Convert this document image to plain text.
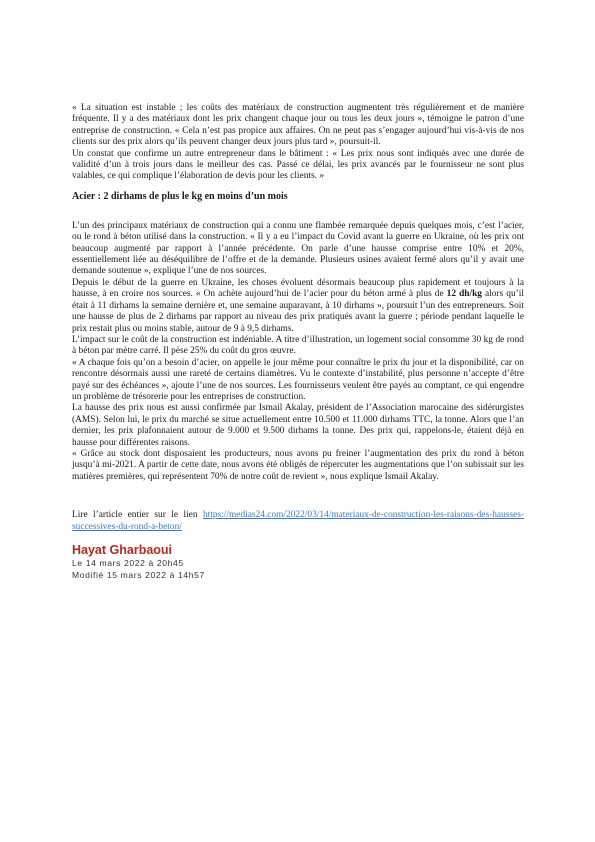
« La situation est instable ; les coûts des matériaux de construction augmentent très régulièrement et de manière fréquente. Il y a des matériaux dont les prix changent chaque jour ou tous les deux jours », témoigne le patron d’une entreprise de construction. « Cela n’est pas propice aux affaires. On ne peut pas s’engager aujourd’hui vis-à-vis de nos clients sur des prix alors qu’ils peuvent changer deux jours plus tard », poursuit-il.

Un constat que confirme un autre entrepreneur dans le bâtiment : « Les prix nous sont indiqués avec une durée de validité d’un à trois jours dans le meilleur des cas. Passé ce délai, les prix avancés par le fournisseur ne sont plus valables, ce qui complique l’élaboration de devis pour les clients. »

Acier : 2 dirhams de plus le kg en moins d’un mois

L’un des principaux matériaux de construction qui a connu une flambée remarquée depuis quelques mois, c’est l’acier, ou le rond à béton utilisé dans la construction. « Il y a eu l’impact du Covid avant la guerre en Ukraine, où les prix ont beaucoup augmenté par rapport à l’année précédente. On parle d’une hausse comprise entre 10% et 20%, essentiellement liée au déséquilibre de l’offre et de la demande. Plusieurs usines avaient fermé alors qu’il y avait une demande soutenue », explique l’une de nos sources.

Depuis le début de la guerre en Ukraine, les choses évoluent désormais beaucoup plus rapidement et toujours à la hausse, à en croire nos sources. « On achète aujourd’hui de l’acier pour du béton armé à plus de 12 dh/kg alors qu’il était à 11 dirhams la semaine dernière et, une semaine auparavant, à 10 dirhams », poursuit l’un des entrepreneurs. Soit une hausse de plus de 2 dirhams par rapport au niveau des prix pratiqués avant la guerre ; période pendant laquelle le prix restait plus ou moins stable, autour de 9 à 9,5 dirhams.

L’impact sur le coût de la construction est indéniable. A titre d’illustration, un logement social consomme 30 kg de rond à béton par mètre carré. Il pèse 25% du coût du gros œuvre.

« A chaque fois qu’on a besoin d’acier, on appelle le jour même pour connaître le prix du jour et la disponibilité, car on rencontre désormais aussi une rareté de certains diamètres. Vu le contexte d’instabilité, plus personne n’accepte d’être payé sur des échéances », ajoute l’une de nos sources. Les fournisseurs veulent être payés au comptant, ce qui engendre un problème de trésorerie pour les entreprises de construction.

La hausse des prix nous est aussi confirmée par Ismail Akalay, président de l’Association marocaine des sidérurgistes (AMS). Selon lui, le prix du marché se situe actuellement entre 10.500 et 11.000 dirhams TTC, la tonne. Alors que l’an dernier, les prix plafonnaient autour de 9.000 et 9.500 dirhams la tonne. Des prix qui, rappelons-le, étaient déjà en hausse pour différentes raisons.

« Grâce au stock dont disposaient les producteurs, nous avons pu freiner l’augmentation des prix du rond à béton jusqu’à mi-2021. A partir de cette date, nous avons été obligés de répercuter les augmentations que l’on subissait sur les matières premières, qui représentent 70% de notre coût de revient », nous explique Ismail Akalay.

Lire l’article entier sur le lien https://medias24.com/2022/03/14/materiaux-de-construction-les-raisons-des-hausses-successives-du-rond-a-beton/
Hayat Gharbaoui
Le 14 mars 2022 à 20h45
Modifié 15 mars 2022 à 14h57
